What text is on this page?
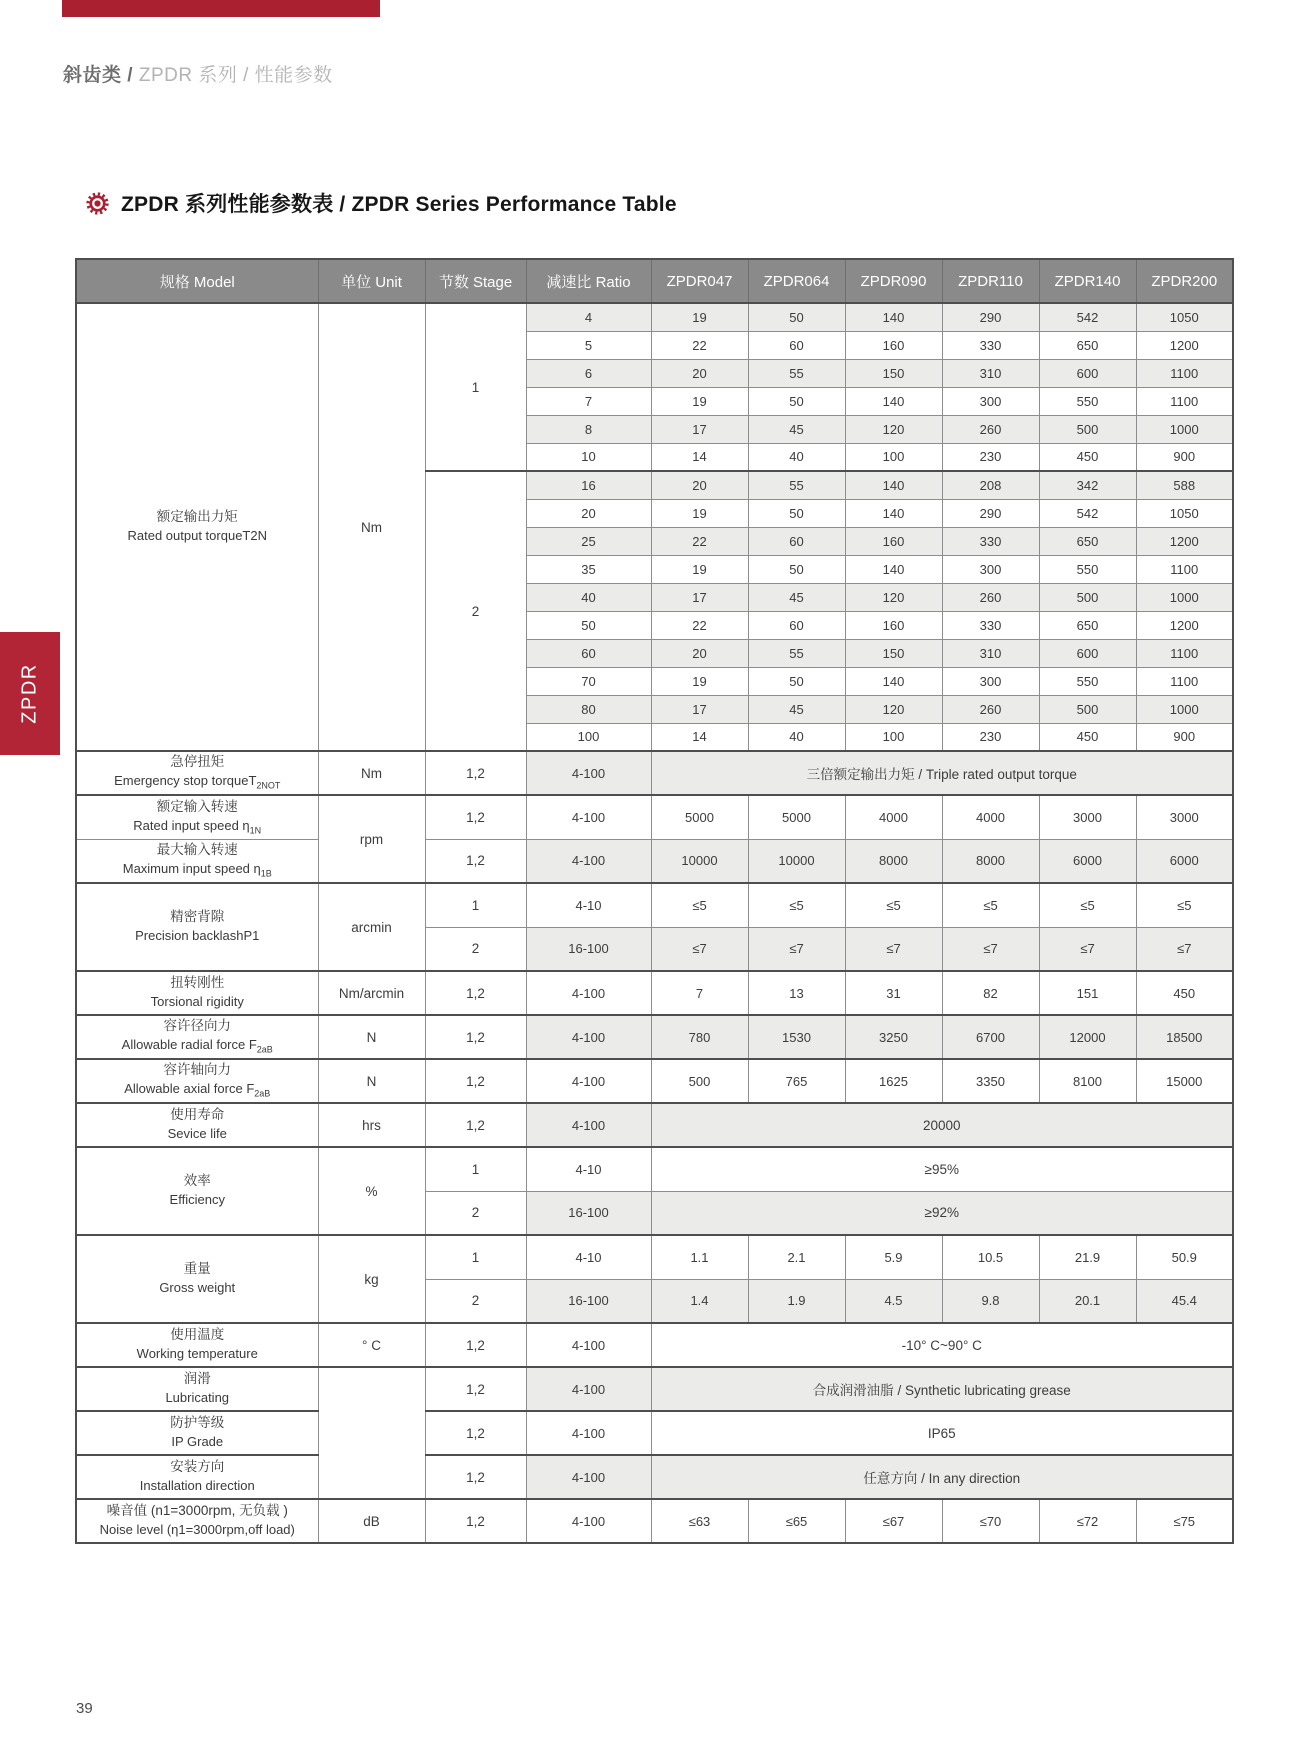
斜齿类 / ZPDR 系列 / 性能参数
ZPDR 系列性能参数表 / ZPDR Series Performance Table
ZPDR
规格 Model	单位 Unit	节数 Stage	减速比 Ratio	ZPDR047	ZPDR064	ZPDR090	ZPDR110	ZPDR140	ZPDR200

额定输出力矩
Rated output torqueT2N	Nm	1	4	19	50	140	290	542	1050
			5	22	60	160	330	650	1200
			6	20	55	150	310	600	1100
			7	19	50	140	300	550	1100
			8	17	45	120	260	500	1000
			10	14	40	100	230	450	900
		2	16	20	55	140	208	342	588
			20	19	50	140	290	542	1050
			25	22	60	160	330	650	1200
			35	19	50	140	300	550	1100
			40	17	45	120	260	500	1000
			50	22	60	160	330	650	1200
			60	20	55	150	310	600	1100
			70	19	50	140	300	550	1100
			80	17	45	120	260	500	1000
			100	14	40	100	230	450	900

急停扭矩
Emergency stop torqueT$_{2NOT}$	Nm	1,2	4-100	三倍额定输出力矩 / Triple rated output torque					

额定输入转速
Rated input speed $\eta_{1N}$	rpm	1,2	4-100	5000	5000	4000	4000	3000	3000

最大输入转速
Maximum input speed $\eta_{1B}$		1,2	4-100	10000	10000	8000	8000	6000	6000

精密背隙
Precision backlashP1	arcmin	1	4-10	≤5	≤5	≤5	≤5	≤5	≤5
		2	16-100	≤7	≤7	≤7	≤7	≤7	≤7

扭转刚性
Torsional rigidity	Nm/arcmin	1,2	4-100	7	13	31	82	151	450

容许径向力
Allowable radial force $F_{2aB}$	N	1,2	4-100	780	1530	3250	6700	12000	18500

容许轴向力
Allowable axial force $F_{2aB}$	N	1,2	4-100	500	765	1625	3350	8100	15000

使用寿命
Sevice life	hrs	1,2	4-100	20000					

效率
Efficiency	%	1	4-10	≥95%					
		2	16-100	≥92%					

重量
Gross weight	kg	1	4-10	1.1	2.1	5.9	10.5	21.9	50.9
		2	16-100	1.4	1.9	4.5	9.8	20.1	45.4

使用温度
Working temperature	° C	1,2	4-100	-10° C~90° C					

润滑
Lubricating		1,2	4-100	合成润滑油脂 / Synthetic lubricating grease					

防护等级
IP Grade		1,2	4-100	IP65					

安装方向
Installation direction		1,2	4-100	任意方向 / In any direction					

噪音值 (n1=3000rpm, 无负载 )
Noise level (η1=3000rpm,off load)	dB	1,2	4-100	≤63	≤65	≤67	≤70	≤72	≤75
39
